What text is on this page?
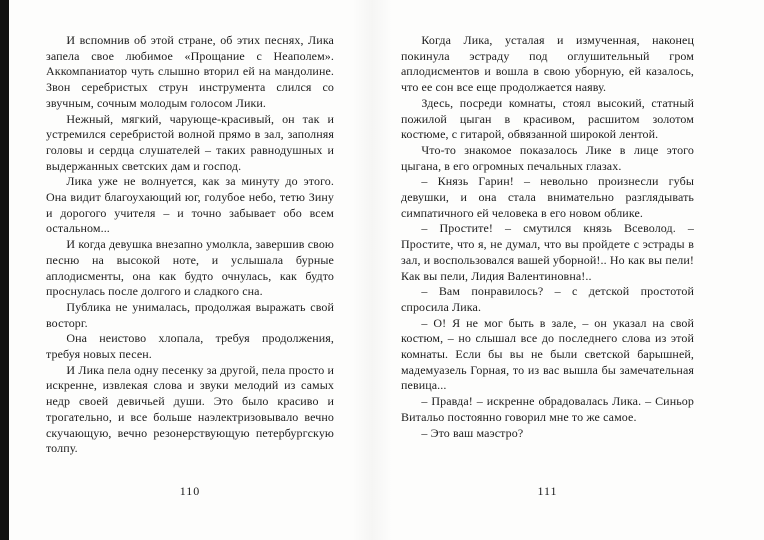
И вспомнив об этой стране, об этих песнях, Лика запела свое любимое «Прощание с Неаполем». Аккомпаниатор чуть слышно вторил ей на мандолине. Звон серебристых струн инструмента слился со звучным, сочным молодым голосом Лики.

Нежный, мягкий, чарующе-красивый, он так и устремился серебристой волной прямо в зал, заполняя головы и сердца слушателей – таких равнодушных и выдержанных светских дам и господ.

Лика уже не волнуется, как за минуту до этого. Она видит благоухающий юг, голубое небо, тетю Зину и дорогого учителя – и точно забывает обо всем остальном...

И когда девушка внезапно умолкла, завершив свою песню на высокой ноте, и услышала бурные аплодисменты, она как будто очнулась, как будто проснулась после долгого и сладкого сна.

Публика не унималась, продолжая выражать свой восторг.

Она неистово хлопала, требуя продолжения, требуя новых песен.

И Лика пела одну песенку за другой, пела просто и искренне, извлекая слова и звуки мелодий из самых недр своей девичьей души. Это было красиво и трогательно, и все больше наэлектризовывало вечно скучающую, вечно резонерствующую петербургскую толпу.

Когда Лика, усталая и измученная, наконец покинула эстраду под оглушительный гром аплодисментов и вошла в свою уборную, ей казалось, что ее сон все еще продолжается наяву.

Здесь, посреди комнаты, стоял высокий, статный пожилой цыган в красивом, расшитом золотом костюме, с гитарой, обвязанной широкой лентой.

Что-то знакомое показалось Лике в лице этого цыгана, в его огромных печальных глазах.

– Князь Гарин! – невольно произнесли губы девушки, и она стала внимательно разглядывать симпатичного ей человека в его новом облике.

– Простите! – смутился князь Всеволод. – Простите, что я, не думал, что вы пройдете с эстрады в зал, и воспользовался вашей уборной!.. Но как вы пели! Как вы пели, Лидия Валентиновна!..

– Вам понравилось? – с детской простотой спросила Лика.

– О! Я не мог быть в зале, – он указал на свой костюм, – но слышал все до последнего слова из этой комнаты. Если бы вы не были светской барышней, мадемуазель Горная, то из вас вышла бы замечательная певица...

– Правда! – искренне обрадовалась Лика. – Синьор Витальо постоянно говорил мне то же самое.

– Это ваш маэстро?

110	111
